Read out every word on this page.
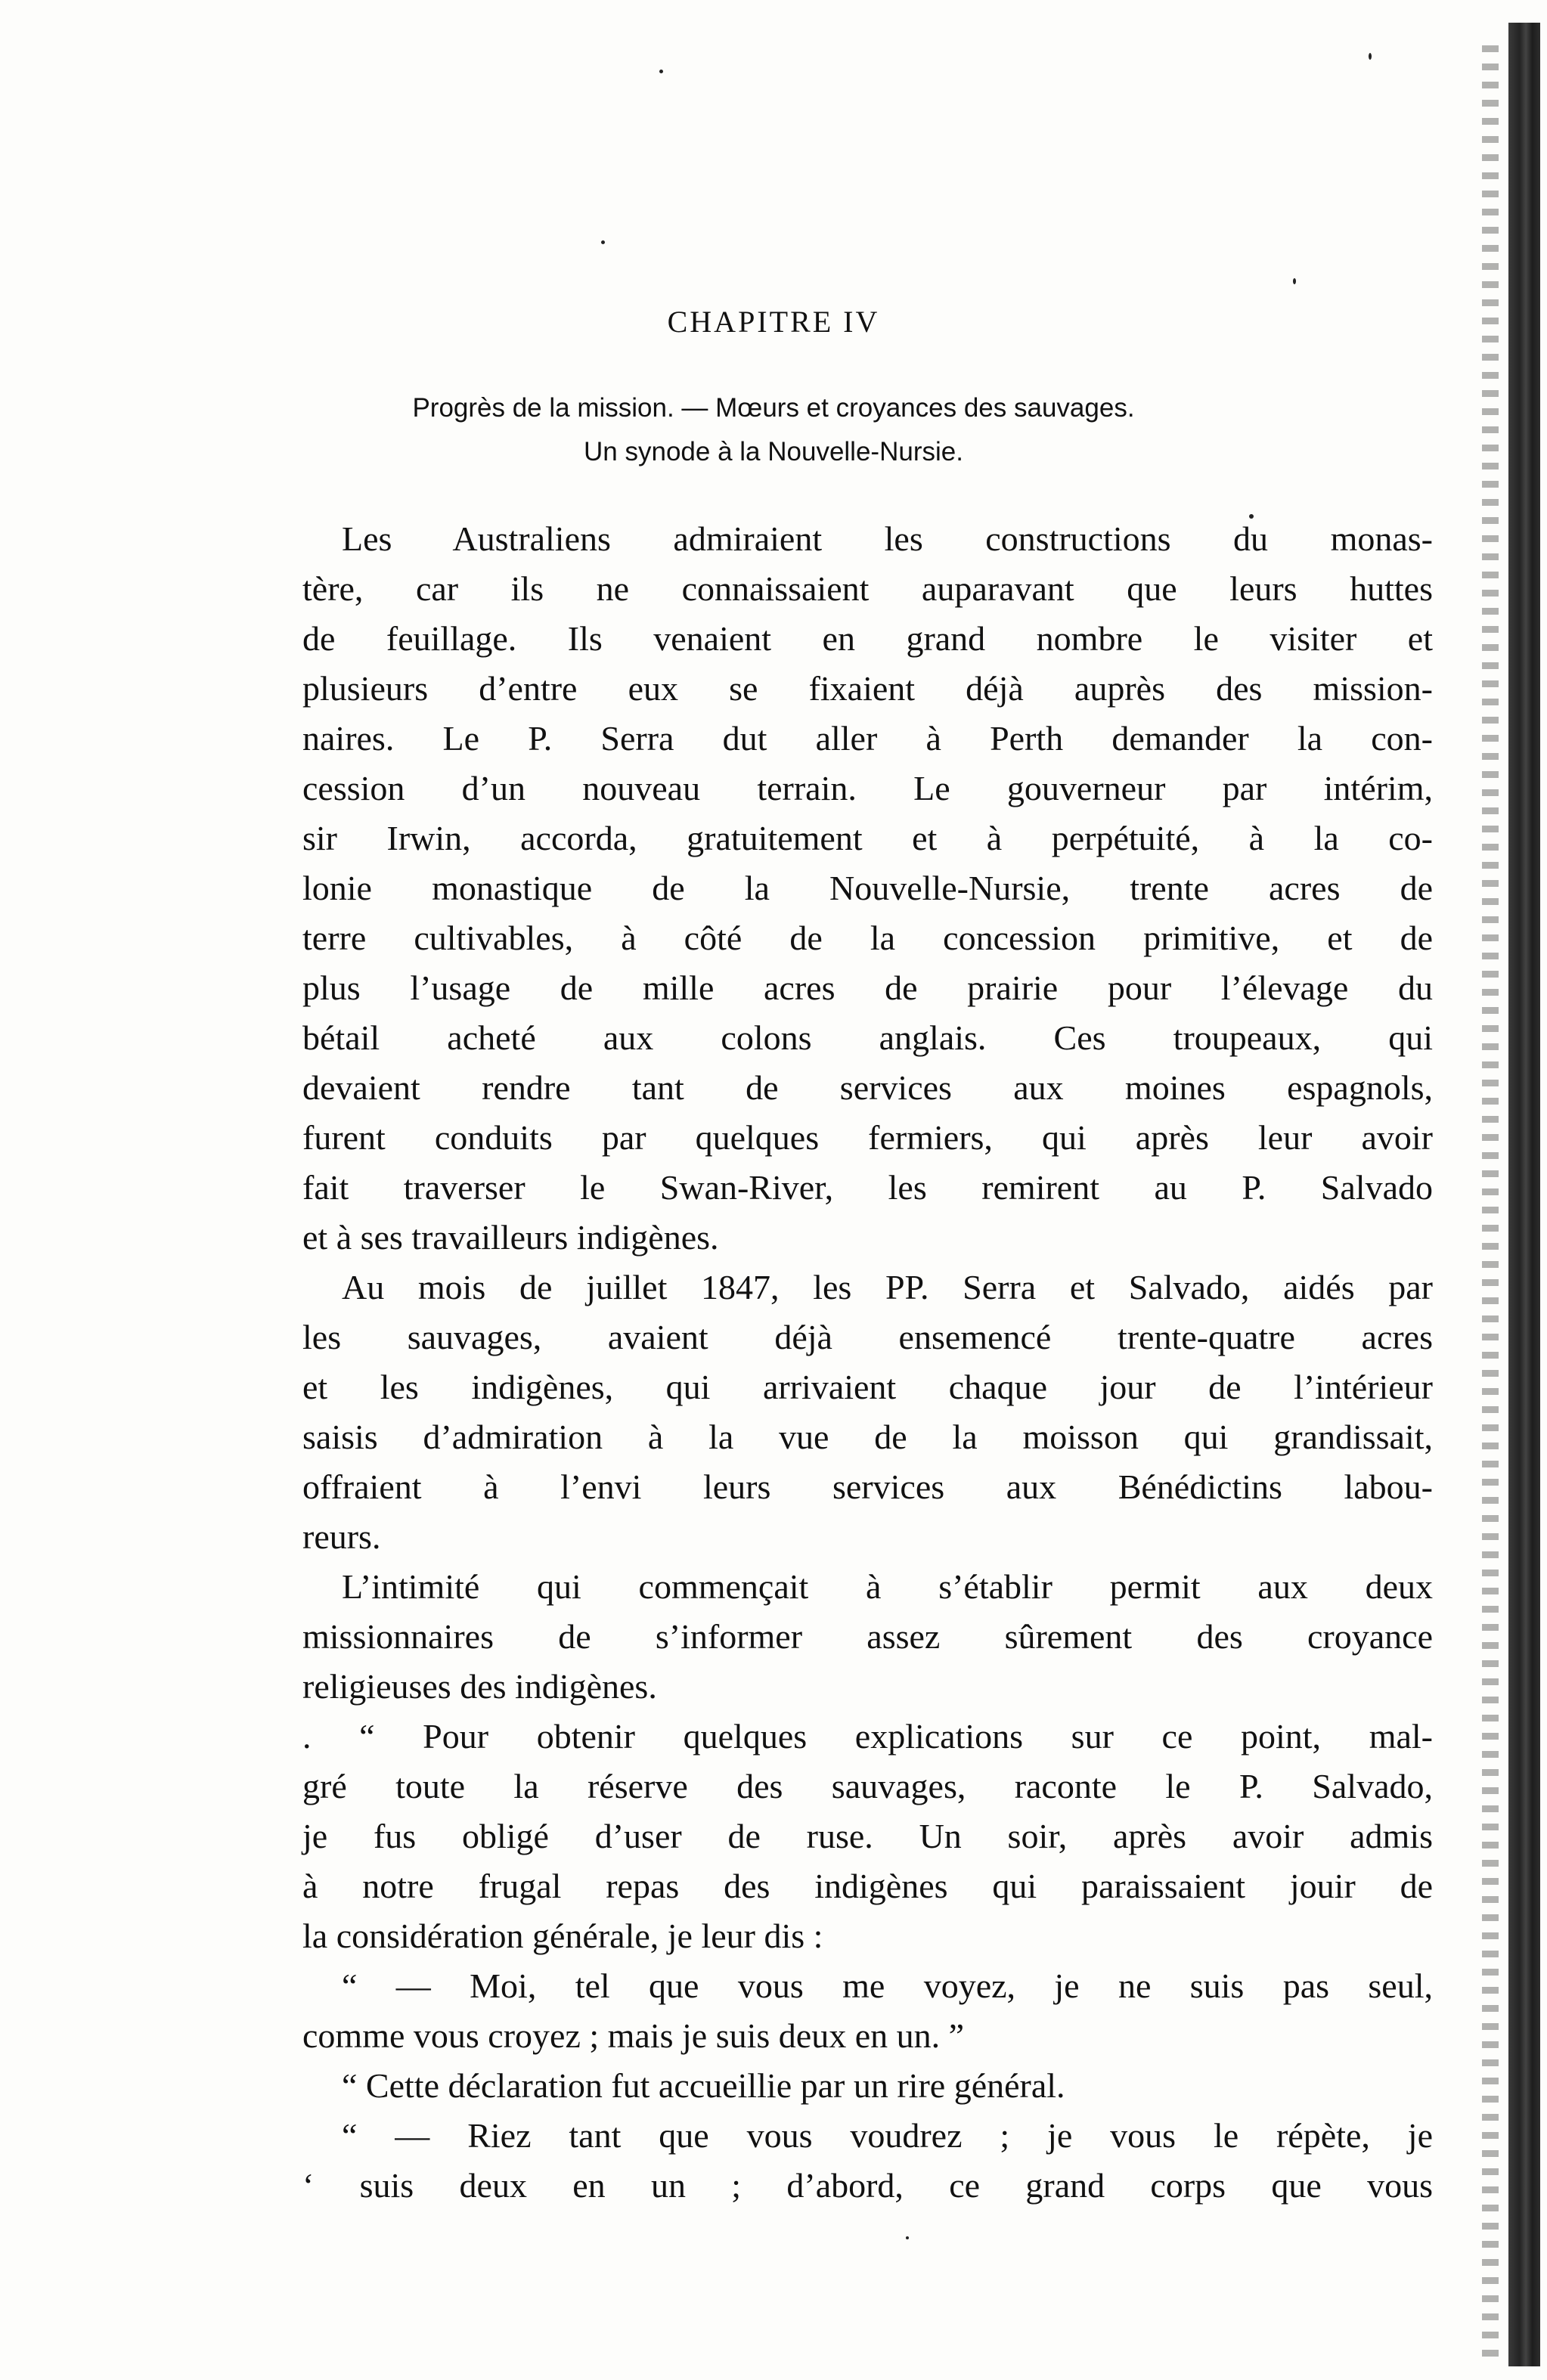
CHAPITRE IV
Progrès de la mission. — Mœurs et croyances des sauvages.
Un synode à la Nouvelle-Nursie.
Les Australiens admiraient les constructions du monas-
tère, car ils ne connaissaient auparavant que leurs huttes
de feuillage. Ils venaient en grand nombre le visiter et
plusieurs d’entre eux se fixaient déjà auprès des mission-
naires. Le P. Serra dut aller à Perth demander la con-
cession d’un nouveau terrain. Le gouverneur par intérim,
sir Irwin, accorda, gratuitement et à perpétuité, à la co-
lonie monastique de la Nouvelle-Nursie, trente acres de
terre cultivables, à côté de la concession primitive, et de
plus l’usage de mille acres de prairie pour l’élevage du
bétail acheté aux colons anglais. Ces troupeaux, qui
devaient rendre tant de services aux moines espagnols,
furent conduits par quelques fermiers, qui après leur avoir
fait traverser le Swan-River, les remirent au P. Salvado
et à ses travailleurs indigènes.
Au mois de juillet 1847, les PP. Serra et Salvado, aidés par
les sauvages, avaient déjà ensemencé trente-quatre acres
et les indigènes, qui arrivaient chaque jour de l’intérieur
saisis d’admiration à la vue de la moisson qui grandissait,
offraient à l’envi leurs services aux Bénédictins labou-
reurs.
L’intimité qui commençait à s’établir permit aux deux
missionnaires de s’informer assez sûrement des croyance
religieuses des indigènes.
. “ Pour obtenir quelques explications sur ce point, mal-
gré toute la réserve des sauvages, raconte le P. Salvado,
je fus obligé d’user de ruse. Un soir, après avoir admis
à notre frugal repas des indigènes qui paraissaient jouir de
la considération générale, je leur dis :
“ — Moi, tel que vous me voyez, je ne suis pas seul,
comme vous croyez ; mais je suis deux en un. ”
“ Cette déclaration fut accueillie par un rire général.
“ — Riez tant que vous voudrez ; je vous le répète, je
‘ suis deux en un ; d’abord, ce grand corps que vous
